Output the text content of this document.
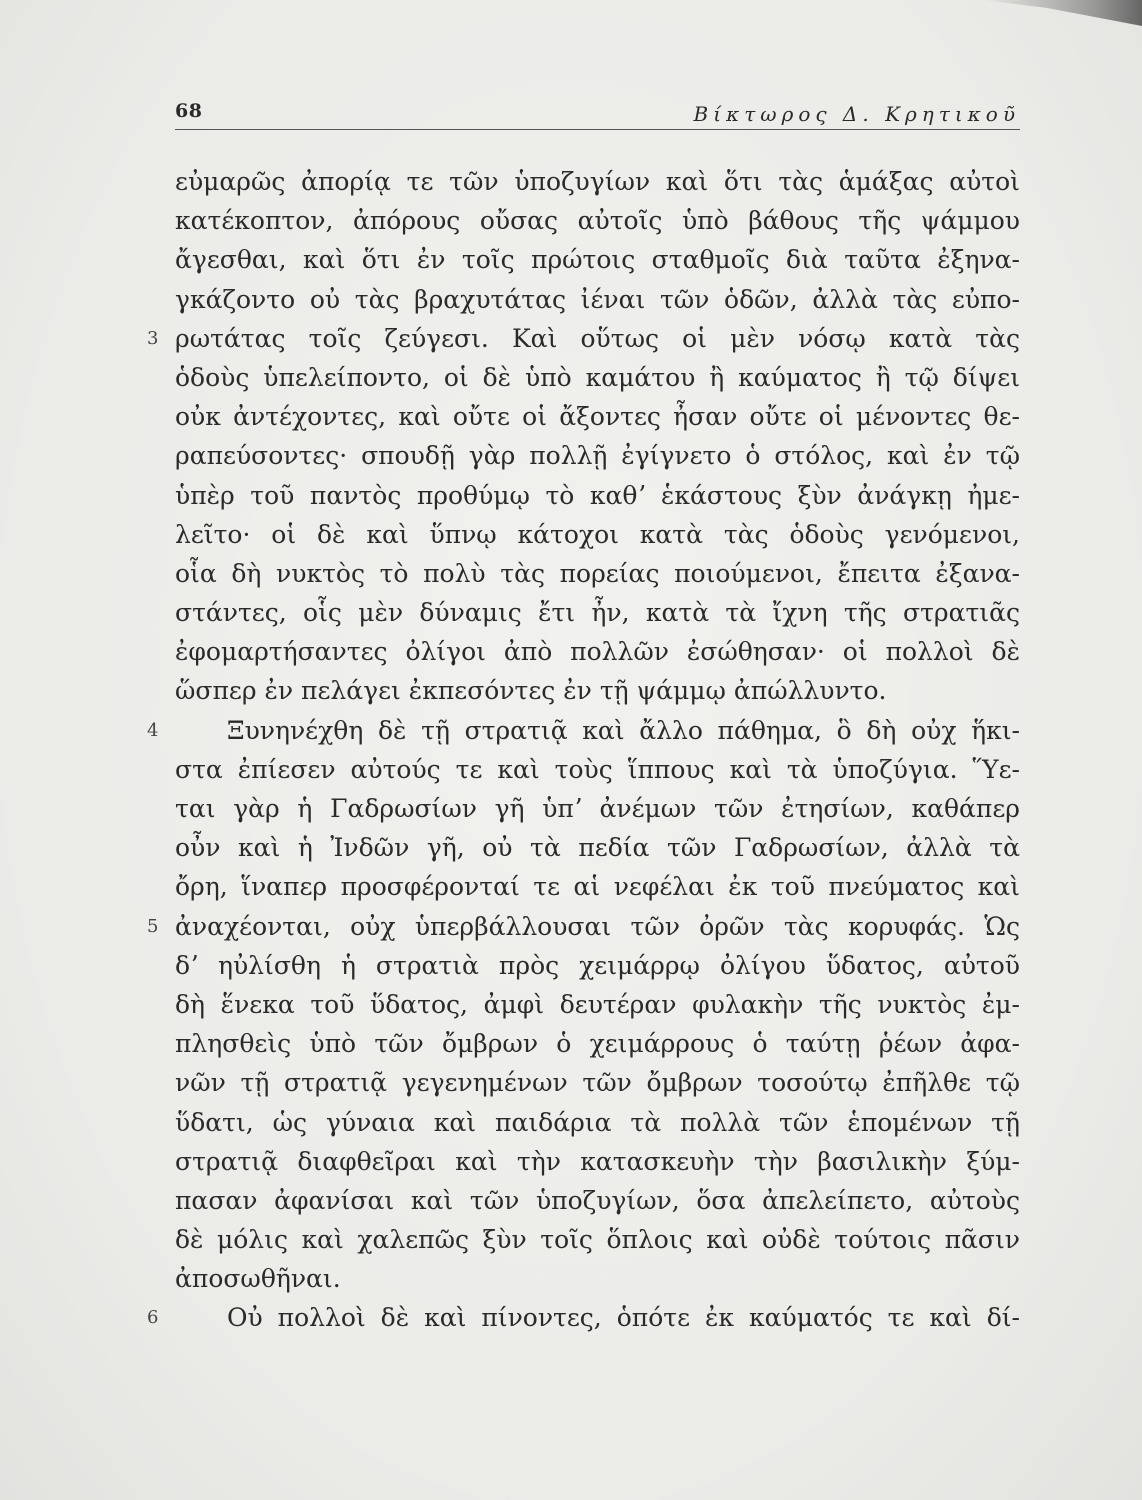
68	Βίκτωρος Δ. Κρητικοῦ
εὐμαρῶς ἀπορίᾳ τε τῶν ὑποζυγίων καὶ ὅτι τὰς ἁμάξας αὐτοὶ
κατέκοπτον, ἀπόρους οὔσας αὐτοῖς ὑπὸ βάθους τῆς ψάμμου
ἄγεσθαι, καὶ ὅτι ἐν τοῖς πρώτοις σταθμοῖς διὰ ταῦτα ἐξηνα-
γκάζοντο οὐ τὰς βραχυτάτας ἰέναι τῶν ὁδῶν, ἀλλὰ τὰς εὐπο-
3 ρωτάτας τοῖς ζεύγεσι. Καὶ οὕτως οἱ μὲν νόσῳ κατὰ τὰς
ὁδοὺς ὑπελείποντο, οἱ δὲ ὑπὸ καμάτου ἢ καύματος ἢ τῷ δίψει
οὐκ ἀντέχοντες, καὶ οὔτε οἱ ἄξοντες ἦσαν οὔτε οἱ μένοντες θε-
ραπεύσοντες· σπουδῇ γὰρ πολλῇ ἐγίγνετο ὁ στόλος, καὶ ἐν τῷ
ὑπὲρ τοῦ παντὸς προθύμῳ τὸ καθʼ ἑκάστους ξὺν ἀνάγκῃ ἠμε-
λεῖτο· οἱ δὲ καὶ ὕπνῳ κάτοχοι κατὰ τὰς ὁδοὺς γενόμενοι,
οἷα δὴ νυκτὸς τὸ πολὺ τὰς πορείας ποιούμενοι, ἔπειτα ἐξανα-
στάντες, οἷς μὲν δύναμις ἔτι ἦν, κατὰ τὰ ἴχνη τῆς στρατιᾶς
ἐφομαρτήσαντες ὀλίγοι ἀπὸ πολλῶν ἐσώθησαν· οἱ πολλοὶ δὲ
ὥσπερ ἐν πελάγει ἐκπεσόντες ἐν τῇ ψάμμῳ ἀπώλλυντο.
4	Ξυνηνέχθη δὲ τῇ στρατιᾷ καὶ ἄλλο πάθημα, ὃ δὴ οὐχ ἥκι-
στα ἐπίεσεν αὐτούς τε καὶ τοὺς ἵππους καὶ τὰ ὑποζύγια. Ὕε-
ται γὰρ ἡ Γαδρωσίων γῆ ὑπʼ ἀνέμων τῶν ἐτησίων, καθάπερ
οὖν καὶ ἡ Ἰνδῶν γῆ, οὐ τὰ πεδία τῶν Γαδρωσίων, ἀλλὰ τὰ
ὄρη, ἵναπερ προσφέρονταί τε αἱ νεφέλαι ἐκ τοῦ πνεύματος καὶ
5 ἀναχέονται, οὐχ ὑπερβάλλουσαι τῶν ὀρῶν τὰς κορυφάς. Ὡς
δʼ ηὐλίσθη ἡ στρατιὰ πρὸς χειμάρρῳ ὀλίγου ὕδατος, αὐτοῦ
δὴ ἕνεκα τοῦ ὕδατος, ἀμφὶ δευτέραν φυλακὴν τῆς νυκτὸς ἐμ-
πλησθεὶς ὑπὸ τῶν ὄμβρων ὁ χειμάρρους ὁ ταύτῃ ῥέων ἀφα-
νῶν τῇ στρατιᾷ γεγενημένων τῶν ὄμβρων τοσούτῳ ἐπῆλθε τῷ
ὕδατι, ὡς γύναια καὶ παιδάρια τὰ πολλὰ τῶν ἑπομένων τῇ
στρατιᾷ διαφθεῖραι καὶ τὴν κατασκευὴν τὴν βασιλικὴν ξύμ-
πασαν ἀφανίσαι καὶ τῶν ὑποζυγίων, ὅσα ἀπελείπετο, αὐτοὺς
δὲ μόλις καὶ χαλεπῶς ξὺν τοῖς ὅπλοις καὶ οὐδὲ τούτοις πᾶσιν
ἀποσωθῆναι.
6	Οὐ πολλοὶ δὲ καὶ πίνοντες, ὁπότε ἐκ καύματός τε καὶ δί-
